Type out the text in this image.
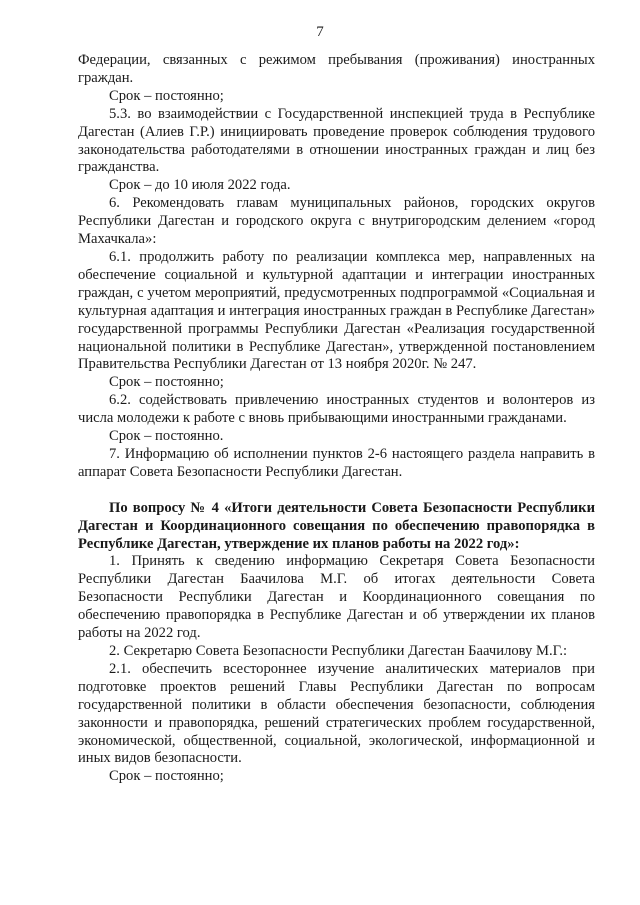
7

Федерации, связанных с режимом пребывания (проживания) иностранных граждан.

Срок – постоянно;

5.3. во взаимодействии с Государственной инспекцией труда в Республике Дагестан (Алиев Г.Р.) инициировать проведение проверок соблюдения трудового законодательства работодателями в отношении иностранных граждан и лиц без гражданства.

Срок – до 10 июля 2022 года.

6. Рекомендовать главам муниципальных районов, городских округов Республики Дагестан и городского округа с внутригородским делением «город Махачкала»:

6.1. продолжить работу по реализации комплекса мер, направленных на обеспечение социальной и культурной адаптации и интеграции иностранных граждан, с учетом мероприятий, предусмотренных подпрограммой «Социальная и культурная адаптация и интеграция иностранных граждан в Республике Дагестан» государственной программы Республики Дагестан «Реализация государственной национальной политики в Республике Дагестан», утвержденной постановлением Правительства Республики Дагестан от 13 ноября 2020г. № 247.

Срок – постоянно;

6.2. содействовать привлечению иностранных студентов и волонтеров из числа молодежи к работе с вновь прибывающими иностранными гражданами.

Срок – постоянно.

7. Информацию об исполнении пунктов 2-6 настоящего раздела направить в аппарат Совета Безопасности Республики Дагестан.

По вопросу № 4 «Итоги деятельности Совета Безопасности Республики Дагестан и Координационного совещания по обеспечению правопорядка в Республике Дагестан, утверждение их планов работы на 2022 год»:

1. Принять к сведению информацию Секретаря Совета Безопасности Республики Дагестан Баачилова М.Г. об итогах деятельности Совета Безопасности Республики Дагестан и Координационного совещания по обеспечению правопорядка в Республике Дагестан и об утверждении их планов работы на 2022 год.

2. Секретарю Совета Безопасности Республики Дагестан Баачилову М.Г.:

2.1. обеспечить всестороннее изучение аналитических материалов при подготовке проектов решений Главы Республики Дагестан по вопросам государственной политики в области обеспечения безопасности, соблюдения законности и правопорядка, решений стратегических проблем государственной, экономической, общественной, социальной, экологической, информационной и иных видов безопасности.

Срок – постоянно;
